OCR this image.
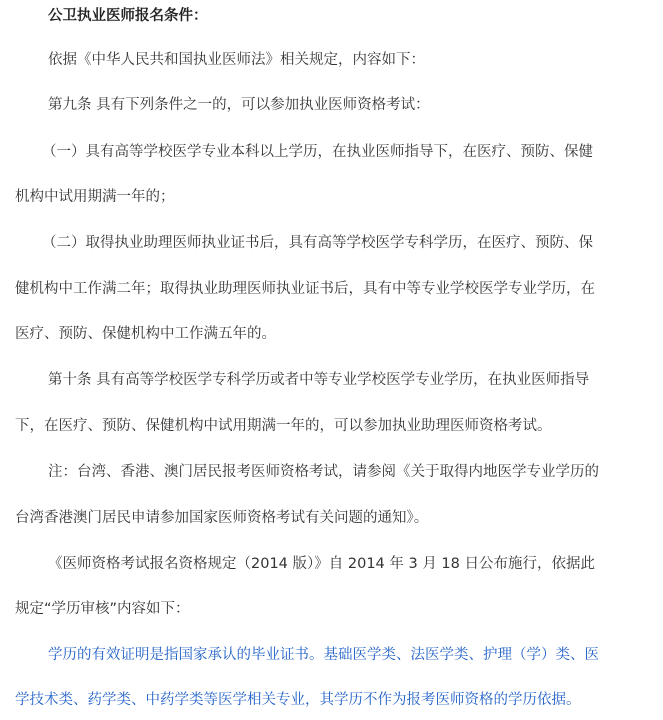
公卫执业医师报名条件：
依据《中华人民共和国执业医师法》相关规定，内容如下：
第九条 具有下列条件之一的，可以参加执业医师资格考试：
（一）具有高等学校医学专业本科以上学历，在执业医师指导下，在医疗、预防、保健
机构中试用期满一年的；
（二）取得执业助理医师执业证书后，具有高等学校医学专科学历，在医疗、预防、保
健机构中工作满二年；取得执业助理医师执业证书后，具有中等专业学校医学专业学历，在
医疗、预防、保健机构中工作满五年的。
第十条 具有高等学校医学专科学历或者中等专业学校医学专业学历，在执业医师指导
下，在医疗、预防、保健机构中试用期满一年的，可以参加执业助理医师资格考试。
注：台湾、香港、澳门居民报考医师资格考试，请参阅《关于取得内地医学专业学历的
台湾香港澳门居民申请参加国家医师资格考试有关问题的通知》。
《医师资格考试报名资格规定（2014 版）》自 2014 年 3 月 18 日公布施行，依据此
规定“学历审核”内容如下：
学历的有效证明是指国家承认的毕业证书。基础医学类、法医学类、护理（学）类、医
学技术类、药学类、中药学类等医学相关专业，其学历不作为报考医师资格的学历依据。
